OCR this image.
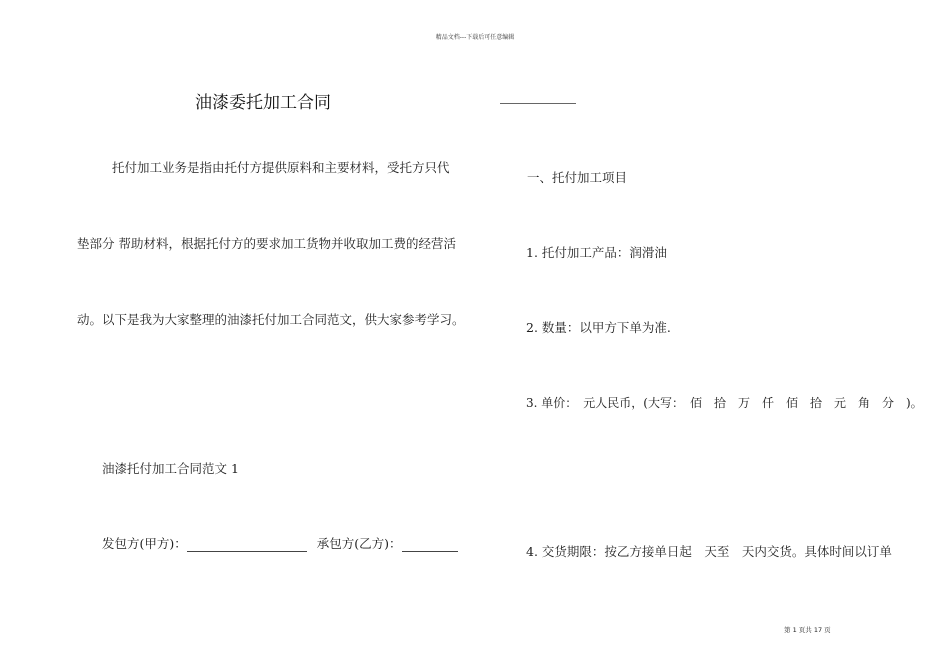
精品文档---下载后可任意编辑
油漆委托加工合同
托付加工业务是指由托付方提供原料和主要材料，受托方只代
垫部分 帮助材料，根据托付方的要求加工货物并收取加工费的经营活
动。以下是我为大家整理的油漆托付加工合同范文，供大家参考学习。
油漆托付加工合同范文 1
发包方(甲方)：	承包方(乙方)：
一、托付加工项目
1. 托付加工产品：润滑油
2. 数量：以甲方下单为准.
3. 单价：　元人民币，(大写：　佰　拾　万　仟　佰　拾　元　角　分　)。
4. 交货期限：按乙方接单日起　天至　天内交货。具体时间以订单
第 1 页共 17 页
